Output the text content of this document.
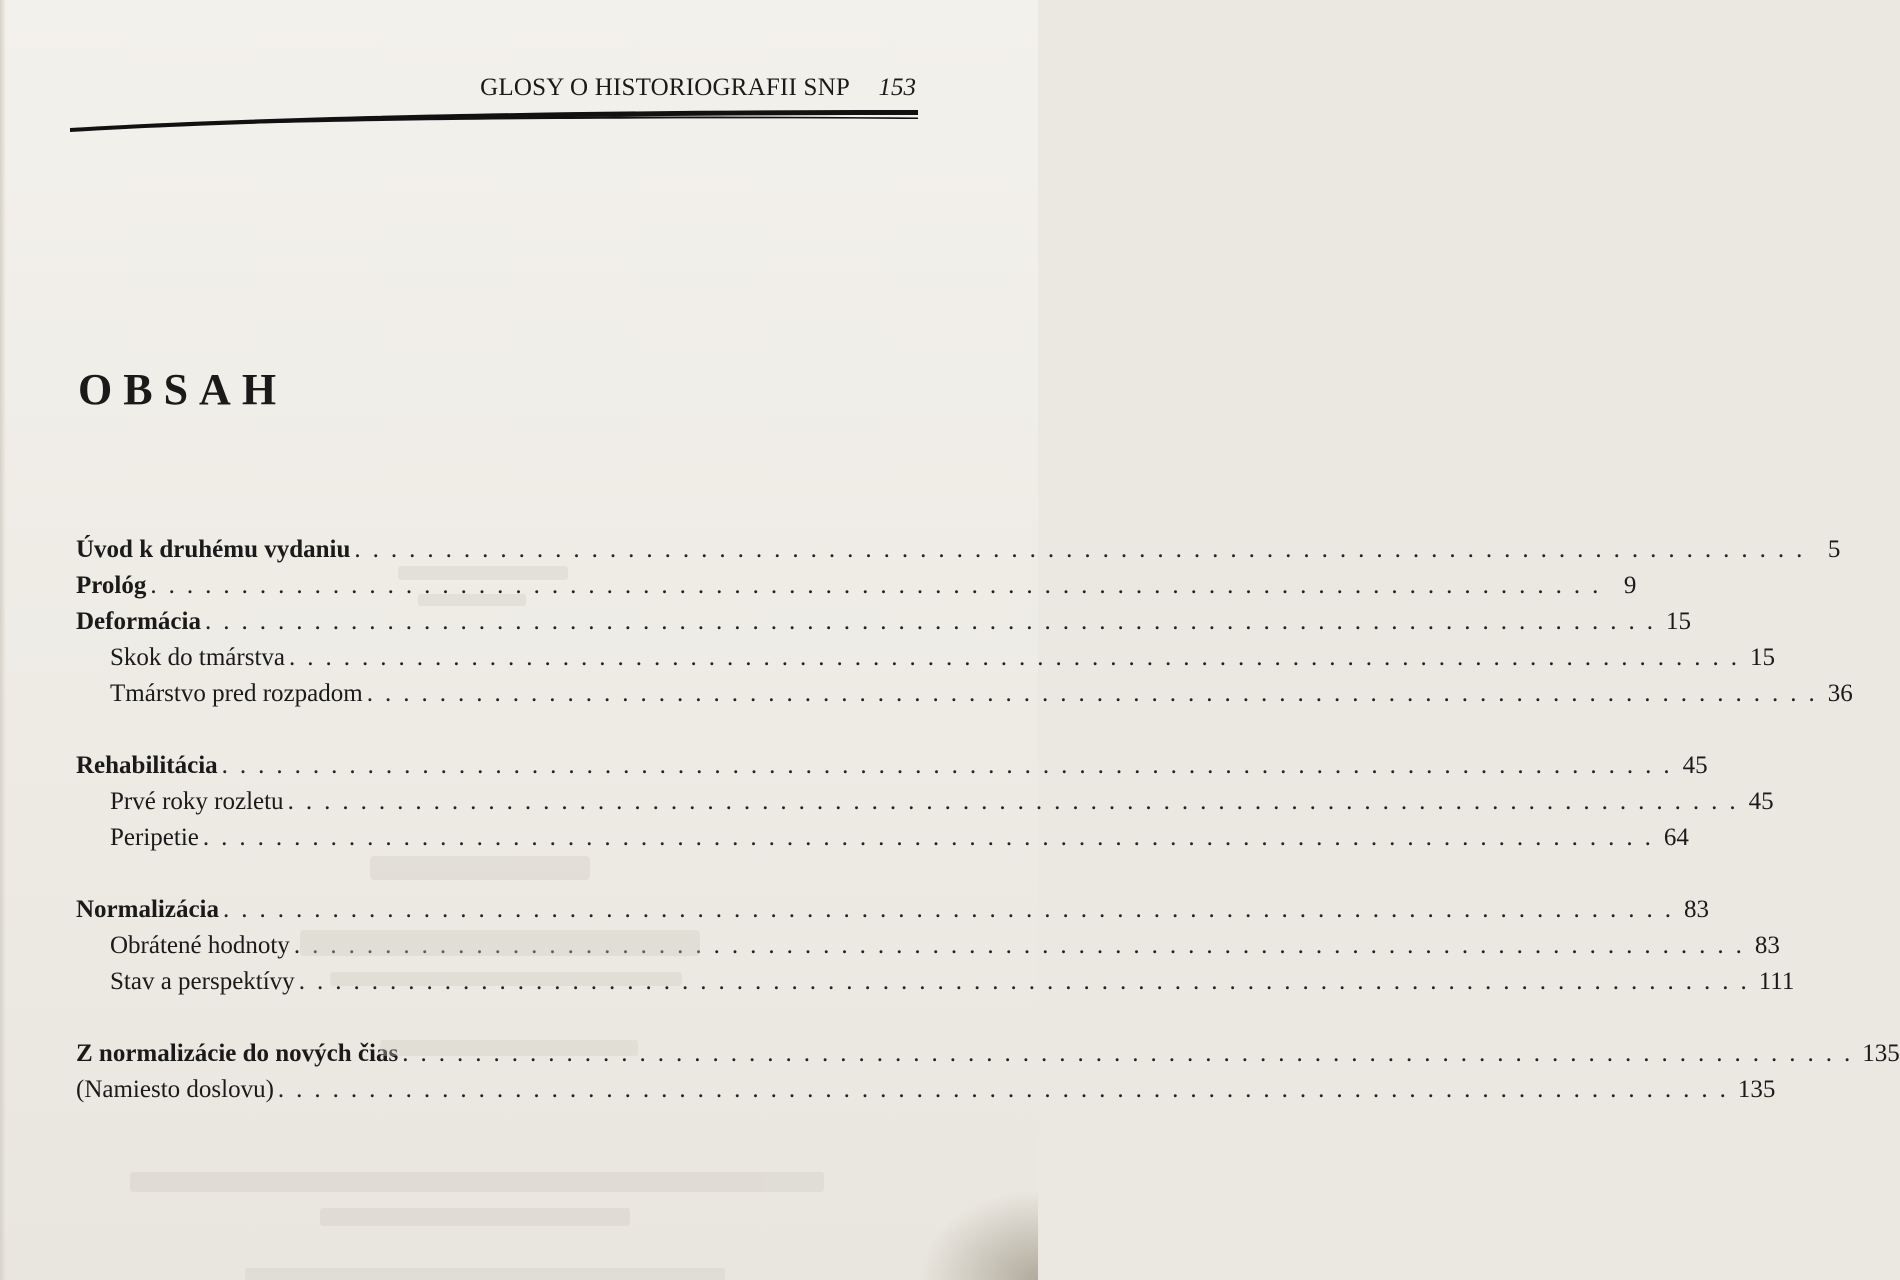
GLOSY O HISTORIOGRAFII SNP 153
OBSAH
Úvod k druhému vydaniu ................................................................................ 5
Prológ ................................................................................ 9
Deformácia ................................................................................ 15
Skok do tmárstva ................................................................................ 15
Tmárstvo pred rozpadom ................................................................................ 36
Rehabilitácia ................................................................................ 45
Prvé roky rozletu ................................................................................ 45
Peripetie ................................................................................ 64
Normalizácia ................................................................................ 83
Obrátené hodnoty ................................................................................ 83
Stav a perspektívy ................................................................................ 111
Z normalizácie do nových čias ................................................................................ 135
(Namiesto doslovu) ................................................................................ 135
